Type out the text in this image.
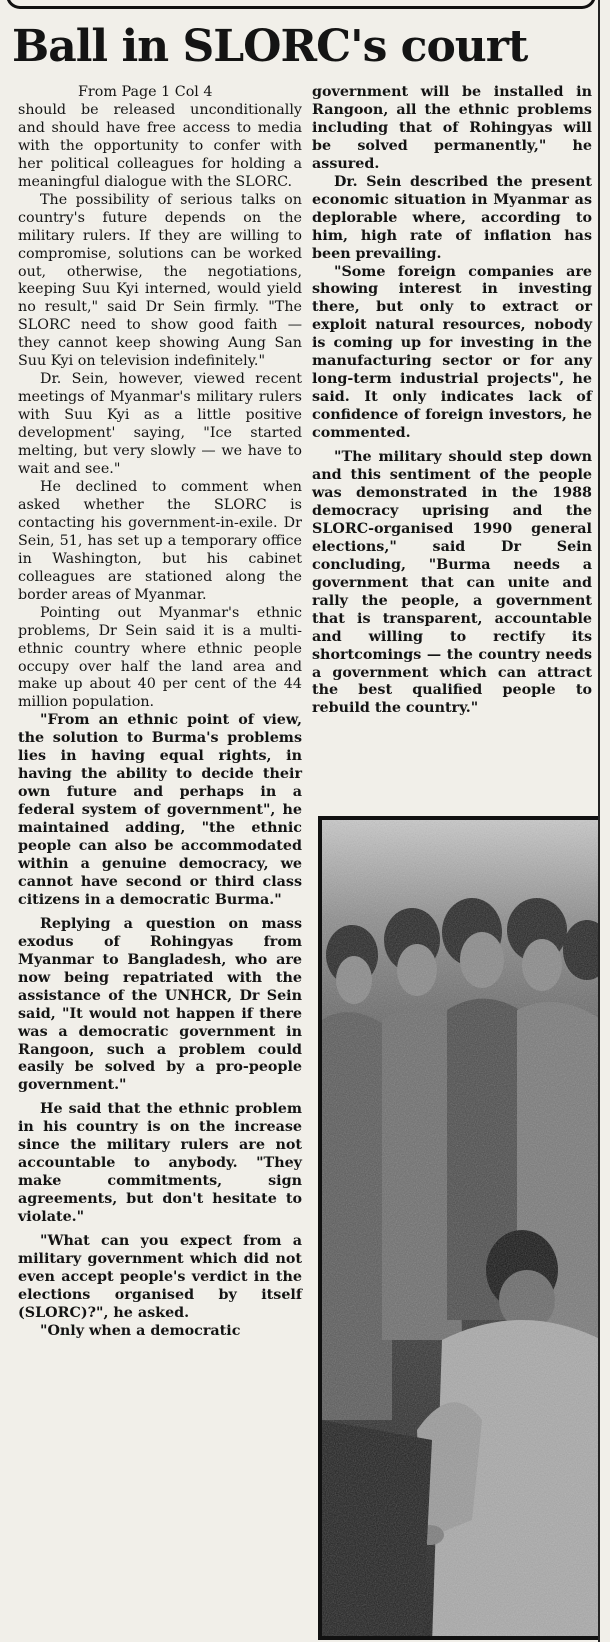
Ball in SLORC's court

From Page 1 Col 4

should be released unconditionally and should have free access to media with the opportunity to confer with her political colleagues for holding a meaningful dialogue with the SLORC.

The possibility of serious talks on country's future depends on the military rulers. If they are willing to compromise, solutions can be worked out, otherwise, the negotiations, keeping Suu Kyi interned, would yield no result," said Dr Sein firmly. "The SLORC need to show good faith — they cannot keep showing Aung San Suu Kyi on television indefinitely."

Dr. Sein, however, viewed recent meetings of Myanmar's military rulers with Suu Kyi as a little positive development' saying, "Ice started melting, but very slowly — we have to wait and see."

He declined to comment when asked whether the SLORC is contacting his government-in-exile. Dr Sein, 51, has set up a temporary office in Washington, but his cabinet colleagues are stationed along the border areas of Myanmar.

Pointing out Myanmar's ethnic problems, Dr Sein said it is a multi-ethnic country where ethnic people occupy over half the land area and make up about 40 per cent of the 44 million population.

"From an ethnic point of view, the solution to Burma's problems lies in having equal rights, in having the ability to decide their own future and perhaps in a federal system of government", he maintained adding, "the ethnic people can also be accommodated within a genuine democracy, we cannot have second or third class citizens in a democratic Burma."

Replying a question on mass exodus of Rohingyas from Myanmar to Bangladesh, who are now being repatriated with the assistance of the UNHCR, Dr Sein said, "It would not happen if there was a democratic government in Rangoon, such a problem could easily be solved by a pro-people government."

He said that the ethnic problem in his country is on the increase since the military rulers are not accountable to anybody. "They make commitments, sign agreements, but don't hesitate to violate."

"What can you expect from a military government which did not even accept people's verdict in the elections organised by itself (SLORC)?", he asked.

"Only when a democratic

government will be installed in Rangoon, all the ethnic problems including that of Rohingyas will be solved permanently," he assured.

Dr. Sein described the present economic situation in Myanmar as deplorable where, according to him, high rate of inflation has been prevailing.

"Some foreign companies are showing interest in investing there, but only to extract or exploit natural resources, nobody is coming up for investing in the manufacturing sector or for any long-term industrial projects", he said. It only indicates lack of confidence of foreign investors, he commented.

"The military should step down and this sentiment of the people was demonstrated in the 1988 democracy uprising and the SLORC-organised 1990 general elections," said Dr Sein concluding, "Burma needs a government that can unite and rally the people, a government that is transparent, accountable and willing to rectify its shortcomings — the country needs a government which can attract the best qualified people to rebuild the country."
